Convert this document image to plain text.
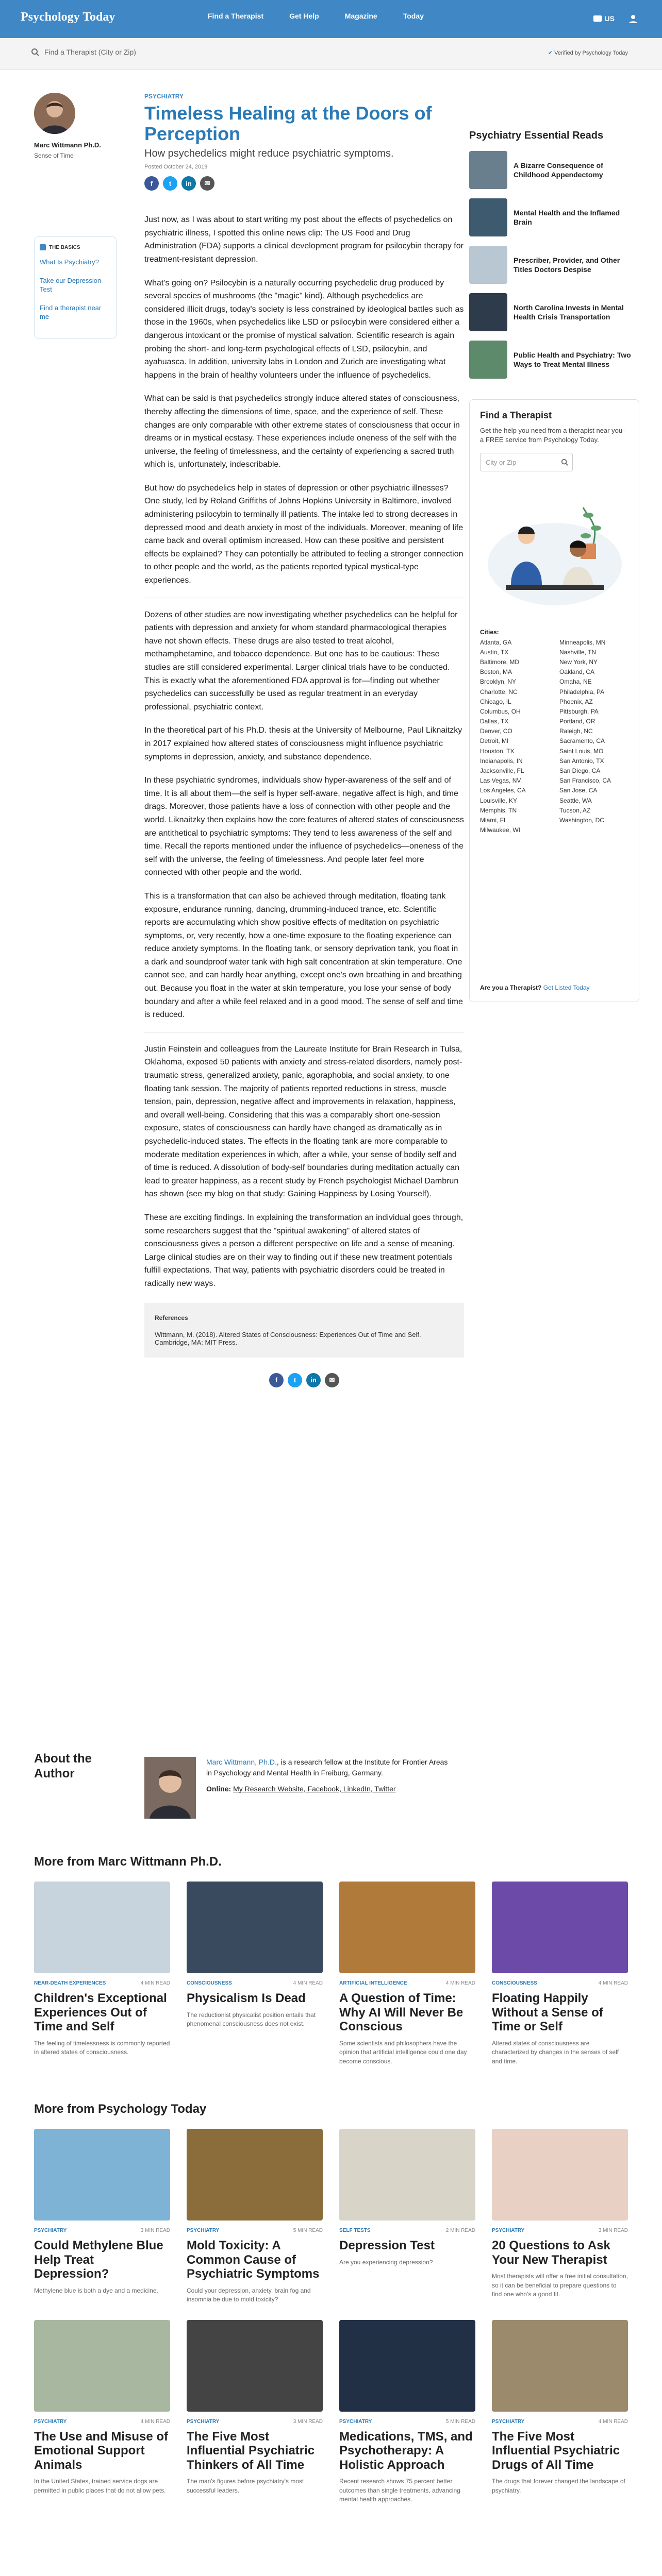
Psychology Today	Find a Therapist	Get Help	Magazine	Today	US
Find a Therapist (City or Zip)	✔ Verified by Psychology Today
Marc Wittmann Ph.D.
Sense of Time
THE BASICS
What Is Psychiatry?
Take our Depression Test
Find a therapist near me
PSYCHIATRY
Timeless Healing at the Doors of Perception
How psychedelics might reduce psychiatric symptoms.
Posted October 24, 2019
f	t	in	✉

Just now, as I was about to start writing my post about the effects of psychedelics on psychiatric illness, I spotted this online news clip: The US Food and Drug Administration (FDA) supports a clinical development program for psilocybin therapy for treatment-resistant depression.

What's going on? Psilocybin is a naturally occurring psychedelic drug produced by several species of mushrooms (the "magic" kind). Although psychedelics are considered illicit drugs, today's society is less constrained by ideological battles such as those in the 1960s, when psychedelics like LSD or psilocybin were considered either a dangerous intoxicant or the promise of mystical salvation. Scientific research is again probing the short- and long-term psychological effects of LSD, psilocybin, and ayahuasca. In addition, university labs in London and Zurich are investigating what happens in the brain of healthy volunteers under the influence of psychedelics.

What can be said is that psychedelics strongly induce altered states of consciousness, thereby affecting the dimensions of time, space, and the experience of self. These changes are only comparable with other extreme states of consciousness that occur in dreams or in mystical ecstasy. These experiences include oneness of the self with the universe, the feeling of timelessness, and the certainty of experiencing a sacred truth which is, unfortunately, indescribable.

But how do psychedelics help in states of depression or other psychiatric illnesses? One study, led by Roland Griffiths of Johns Hopkins University in Baltimore, involved administering psilocybin to terminally ill patients. The intake led to strong decreases in depressed mood and death anxiety in most of the individuals. Moreover, meaning of life came back and overall optimism increased. How can these positive and persistent effects be explained? They can potentially be attributed to feeling a stronger connection to other people and the world, as the patients reported typical mystical-type experiences.

Dozens of other studies are now investigating whether psychedelics can be helpful for patients with depression and anxiety for whom standard pharmacological therapies have not shown effects. These drugs are also tested to treat alcohol, methamphetamine, and tobacco dependence. But one has to be cautious: These studies are still considered experimental. Larger clinical trials have to be conducted. This is exactly what the aforementioned FDA approval is for—finding out whether psychedelics can successfully be used as regular treatment in an everyday professional, psychiatric context.

In the theoretical part of his Ph.D. thesis at the University of Melbourne, Paul Liknaitzky in 2017 explained how altered states of consciousness might influence psychiatric symptoms in depression, anxiety, and substance dependence.

In these psychiatric syndromes, individuals show hyper-awareness of the self and of time. It is all about them—the self is hyper self-aware, negative affect is high, and time drags. Moreover, those patients have a loss of connection with other people and the world. Liknaitzky then explains how the core features of altered states of consciousness are antithetical to psychiatric symptoms: They tend to less awareness of the self and time. Recall the reports mentioned under the influence of psychedelics—oneness of the self with the universe, the feeling of timelessness. And people later feel more connected with other people and the world.

This is a transformation that can also be achieved through meditation, floating tank exposure, endurance running, dancing, drumming-induced trance, etc. Scientific reports are accumulating which show positive effects of meditation on psychiatric symptoms, or, very recently, how a one-time exposure to the floating experience can reduce anxiety symptoms. In the floating tank, or sensory deprivation tank, you float in a dark and soundproof water tank with high salt concentration at skin temperature. One cannot see, and can hardly hear anything, except one's own breathing in and breathing out. Because you float in the water at skin temperature, you lose your sense of body boundary and after a while feel relaxed and in a good mood. The sense of self and time is reduced.

Justin Feinstein and colleagues from the Laureate Institute for Brain Research in Tulsa, Oklahoma, exposed 50 patients with anxiety and stress-related disorders, namely post-traumatic stress, generalized anxiety, panic, agoraphobia, and social anxiety, to one floating tank session. The majority of patients reported reductions in stress, muscle tension, pain, depression, negative affect and improvements in relaxation, happiness, and overall well-being. Considering that this was a comparably short one-session exposure, states of consciousness can hardly have changed as dramatically as in psychedelic-induced states. The effects in the floating tank are more comparable to moderate meditation experiences in which, after a while, your sense of bodily self and of time is reduced. A dissolution of body-self boundaries during meditation actually can lead to greater happiness, as a recent study by French psychologist Michael Dambrun has shown (see my blog on that study: Gaining Happiness by Losing Yourself).

These are exciting findings. In explaining the transformation an individual goes through, some researchers suggest that the "spiritual awakening" of altered states of consciousness gives a person a different perspective on life and a sense of meaning. Large clinical studies are on their way to finding out if these new treatment potentials fulfill expectations. That way, patients with psychiatric disorders could be treated in radically new ways.

References
Wittmann, M. (2018). Altered States of Consciousness: Experiences Out of Time and Self. Cambridge, MA: MIT Press.
f	t	in	✉
Psychiatry Essential Reads
A Bizarre Consequence of Childhood Appendectomy
Mental Health and the Inflamed Brain
Prescriber, Provider, and Other Titles Doctors Despise
North Carolina Invests in Mental Health Crisis Transportation
Public Health and Psychiatry: Two Ways to Treat Mental Illness
Find a Therapist
Get the help you need from a therapist near you–a FREE service from Psychology Today.
City or Zip
Cities:
Atlanta, GA	Minneapolis, MN
Austin, TX	Nashville, TN
Baltimore, MD	New York, NY
Boston, MA	Oakland, CA
Brooklyn, NY	Omaha, NE
Charlotte, NC	Philadelphia, PA
Chicago, IL	Phoenix, AZ
Columbus, OH	Pittsburgh, PA
Dallas, TX	Portland, OR
Denver, CO	Raleigh, NC
Detroit, MI	Sacramento, CA
Houston, TX	Saint Louis, MO
Indianapolis, IN	San Antonio, TX
Jacksonville, FL	San Diego, CA
Las Vegas, NV	San Francisco, CA
Los Angeles, CA	San Jose, CA
Louisville, KY	Seattle, WA
Memphis, TN	Tucson, AZ
Miami, FL	Washington, DC
Milwaukee, WI
Are you a Therapist? Get Listed Today
About the Author
Marc Wittmann, Ph.D., is a research fellow at the Institute for Frontier Areas in Psychology and Mental Health in Freiburg, Germany.
Online: My Research Website, Facebook, LinkedIn, Twitter
More from Marc Wittmann Ph.D.
NEAR-DEATH EXPERIENCES	4 MIN READ
Children's Exceptional Experiences Out of Time and Self
The feeling of timelessness is commonly reported in altered states of consciousness.
CONSCIOUSNESS	4 MIN READ
Physicalism Is Dead
The reductionist physicalist position entails that phenomenal consciousness does not exist.
ARTIFICIAL INTELLIGENCE	4 MIN READ
A Question of Time: Why AI Will Never Be Conscious
Some scientists and philosophers have the opinion that artificial intelligence could one day become conscious.
CONSCIOUSNESS	4 MIN READ
Floating Happily Without a Sense of Time or Self
Altered states of consciousness are characterized by changes in the senses of self and time.
More from Psychology Today
PSYCHIATRY	3 MIN READ
Could Methylene Blue Help Treat Depression?
Methylene blue is both a dye and a medicine.
PSYCHIATRY	5 MIN READ
Mold Toxicity: A Common Cause of Psychiatric Symptoms
Could your depression, anxiety, brain fog and insomnia be due to mold toxicity?
SELF TESTS	2 MIN READ
Depression Test
Are you experiencing depression?
PSYCHIATRY	3 MIN READ
20 Questions to Ask Your New Therapist
Most therapists will offer a free initial consultation, so it can be beneficial to prepare questions to find one who's a good fit.
PSYCHIATRY	4 MIN READ
The Use and Misuse of Emotional Support Animals
In the United States, trained service dogs are permitted in public places that do not allow pets.
PSYCHIATRY	3 MIN READ
The Five Most Influential Psychiatric Thinkers of All Time
The man's figures before psychiatry's most successful leaders.
PSYCHIATRY	5 MIN READ
Medications, TMS, and Psychotherapy: A Holistic Approach
Recent research shows 75 percent better outcomes than single treatments, advancing mental health approaches.
PSYCHIATRY	4 MIN READ
The Five Most Influential Psychiatric Drugs of All Time
The drugs that forever changed the landscape of psychiatry.
